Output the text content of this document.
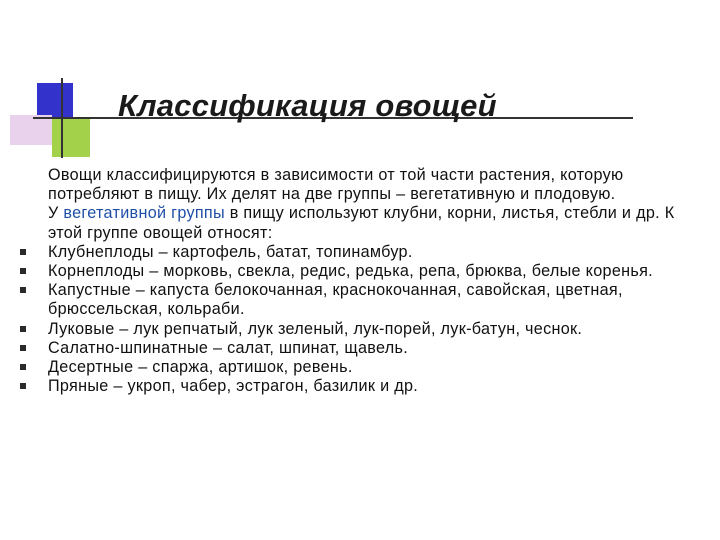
Классификация овощей

Овощи классифицируются в зависимости от той части растения, которую потребляют в пищу. Их делят на две группы – вегетативную и плодовую.

У вегетативной группы в пищу используют клубни, корни, листья, стебли и др. К этой группе овощей относят:

Клубнеплоды – картофель, батат, топинамбур.
Корнеплоды – морковь, свекла, редис, редька, репа, брюква, белые коренья.
Капустные – капуста белокочанная, краснокочанная, савойская, цветная, брюссельская, кольраби.
Луковые – лук репчатый, лук зеленый, лук-порей, лук-батун, чеснок.
Салатно-шпинатные – салат, шпинат, щавель.
Десертные – спаржа, артишок, ревень.
Пряные – укроп, чабер, эстрагон, базилик и др.
